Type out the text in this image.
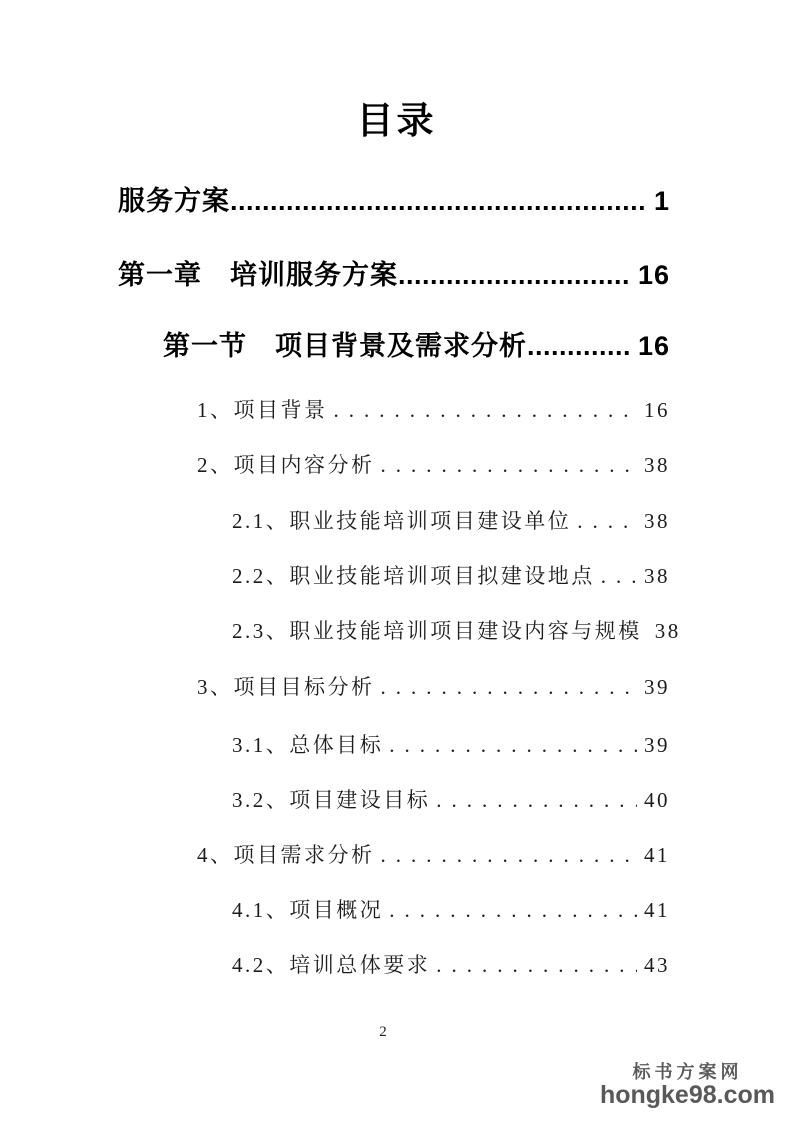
目录
服务方案 .....	1
第一章　培训服务方案 .....	16
第一节　项目背景及需求分析 .....	16
1、项目背景 .....	16
2、项目内容分析 .....	38
2.1、职业技能培训项目建设单位 .....	38
2.2、职业技能培训项目拟建设地点 ..... 38
2.3、职业技能培训项目建设内容与规模 38
3、项目目标分析 .....	39
3.1、总体目标 .....	39
3.2、项目建设目标 .....	40
4、项目需求分析 .....	41
4.1、项目概况 .....	41
4.2、培训总体要求 .....	43
2
标书方案网
hongke98.com
